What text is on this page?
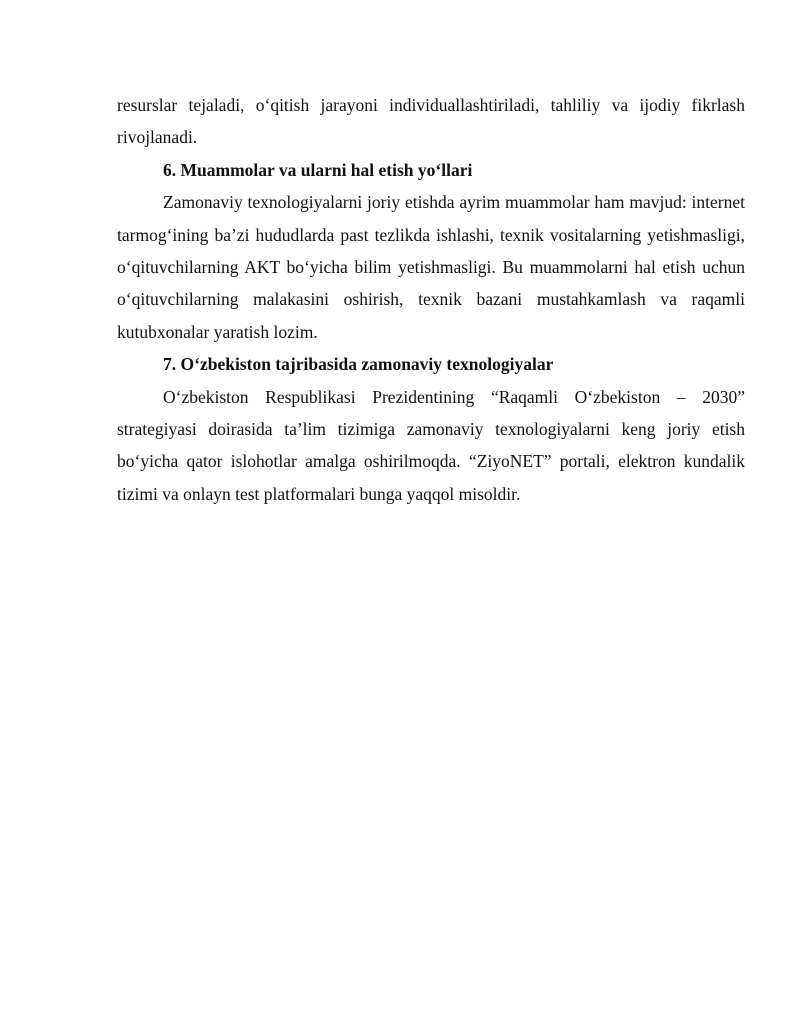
resurslar tejaladi, o‘qitish jarayoni individuallashtiriladi, tahliliy va ijodiy fikrlash rivojlanadi.

6. Muammolar va ularni hal etish yo‘llari

Zamonaviy texnologiyalarni joriy etishda ayrim muammolar ham mavjud: internet tarmog‘ining ba’zi hududlarda past tezlikda ishlashi, texnik vositalarning yetishmasligi, o‘qituvchilarning AKT bo‘yicha bilim yetishmasligi. Bu muammolarni hal etish uchun o‘qituvchilarning malakasini oshirish, texnik bazani mustahkamlash va raqamli kutubxonalar yaratish lozim.

7. O‘zbekiston tajribasida zamonaviy texnologiyalar

O‘zbekiston Respublikasi Prezidentining “Raqamli O‘zbekiston – 2030” strategiyasi doirasida ta’lim tizimiga zamonaviy texnologiyalarni keng joriy etish bo‘yicha qator islohotlar amalga oshirilmoqda. “ZiyoNET” portali, elektron kundalik tizimi va onlayn test platformalari bunga yaqqol misoldir.
